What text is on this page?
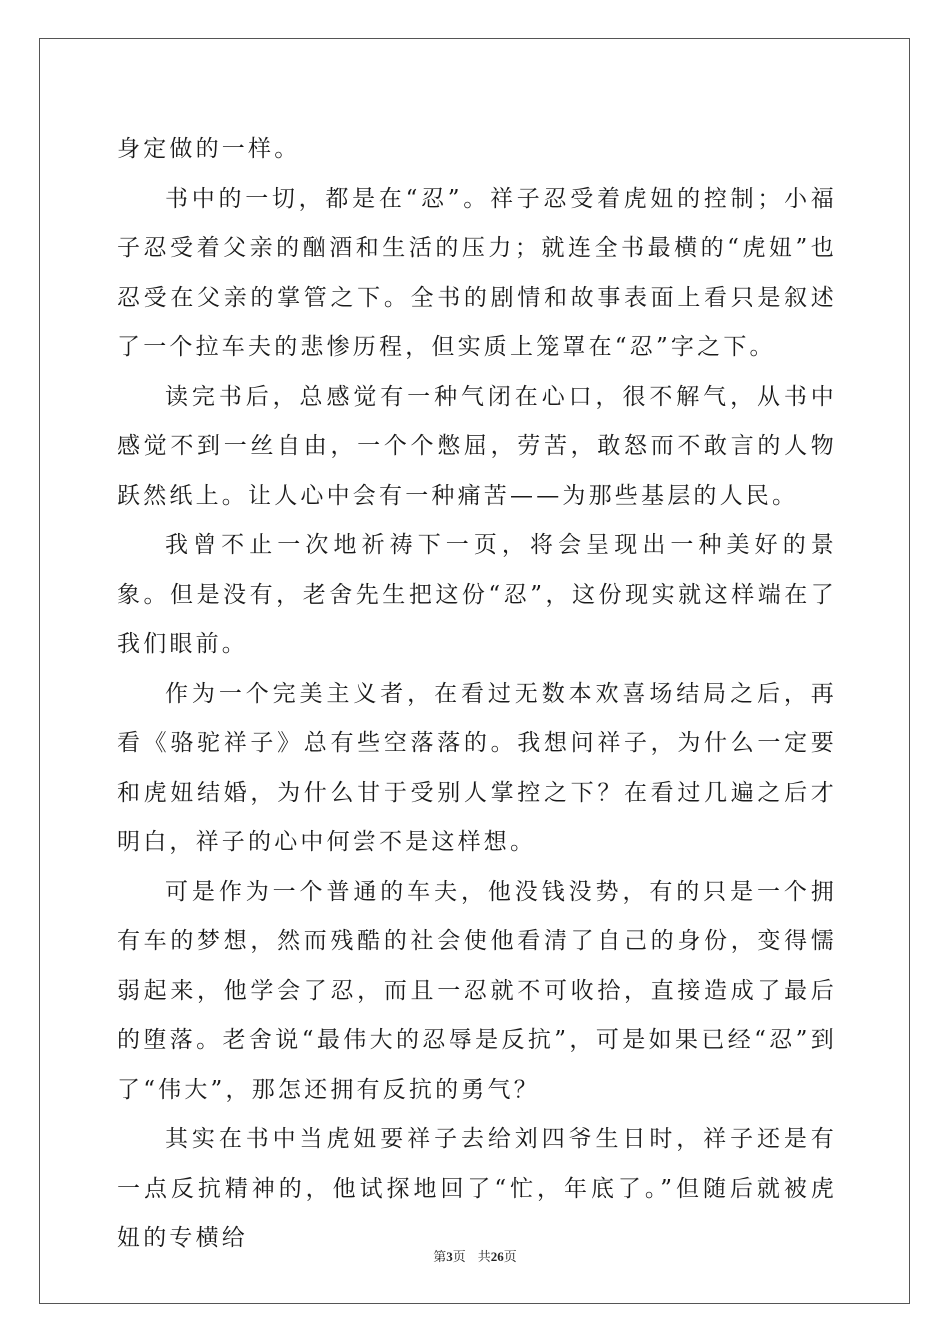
身定做的一样。

书中的一切，都是在“忍”。祥子忍受着虎妞的控制；小福子忍受着父亲的酗酒和生活的压力；就连全书最横的“虎妞”也忍受在父亲的掌管之下。全书的剧情和故事表面上看只是叙述了一个拉车夫的悲惨历程，但实质上笼罩在“忍”字之下。

读完书后，总感觉有一种气闭在心口，很不解气，从书中感觉不到一丝自由，一个个憋屈，劳苦，敢怒而不敢言的人物跃然纸上。让人心中会有一种痛苦——为那些基层的人民。

我曾不止一次地祈祷下一页，将会呈现出一种美好的景象。但是没有，老舍先生把这份“忍”，这份现实就这样端在了我们眼前。

作为一个完美主义者，在看过无数本欢喜场结局之后，再看《骆驼祥子》总有些空落落的。我想问祥子，为什么一定要和虎妞结婚，为什么甘于受别人掌控之下？在看过几遍之后才明白，祥子的心中何尝不是这样想。

可是作为一个普通的车夫，他没钱没势，有的只是一个拥有车的梦想，然而残酷的社会使他看清了自己的身份，变得懦弱起来，他学会了忍，而且一忍就不可收拾，直接造成了最后的堕落。老舍说“最伟大的忍辱是反抗”，可是如果已经“忍”到了“伟大”，那怎还拥有反抗的勇气？

其实在书中当虎妞要祥子去给刘四爷生日时，祥子还是有一点反抗精神的，他试探地回了“忙，年底了。”但随后就被虎妞的专横给

第3页 共26页
